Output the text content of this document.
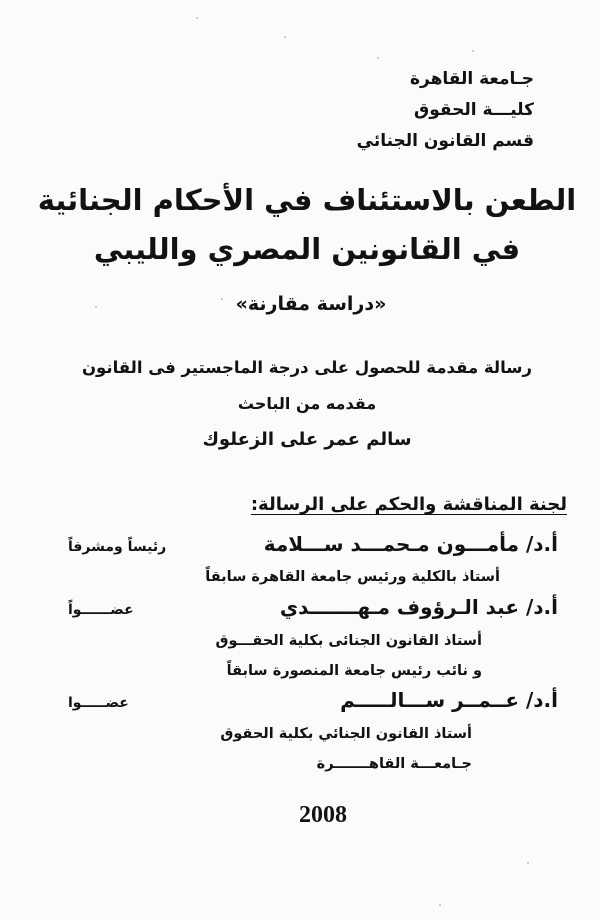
جـامعة القاهرة
كليـــة الحقوق
قسم القانون الجنائي
الطعن بالاستئناف في الأحكام الجنائية
في القانونين المصري والليبي
«دراسة مقارنة»
رسالة مقدمة للحصول على درجة الماجستير فى القانون
مقدمه من الباحث
سالم عمر على الزعلوك
لجنة المناقشة والحكم على الرسالة:
أ.د/ مأمـــون مـحمـــد ســـلامة
رئيساً ومشرفاً
أستاذ بالكلية ورئيس جامعة القاهرة سابقاً
أ.د/ عبد الـرؤوف مـهـــــــدي
عضــــــواً
أستاذ القانون الجنائى بكلية الحقـــوق
و نائب رئيس جامعة المنصورة سابقاً
أ.د/ عــمــر ســـالـــــم
عضـــــوا
أستاذ القانون الجنائي بكلية الحقوق
جـامعـــة القاهـــــــرة
2008
